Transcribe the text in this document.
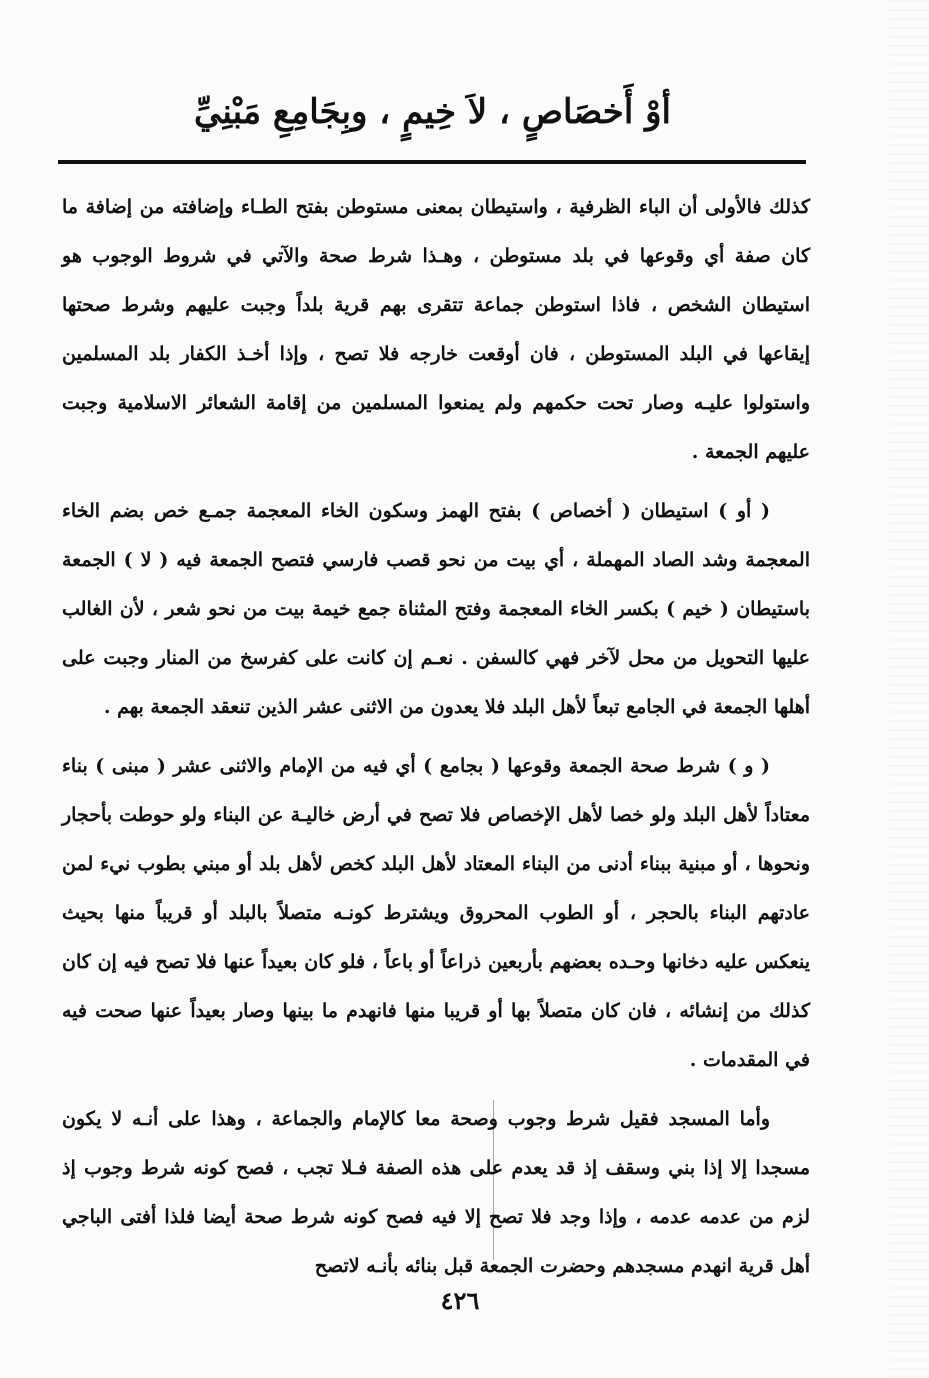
أوْ أَخصَاصٍ ، لاَ خِيمٍ ، وبِجَامِعِ مَبْنِيِّ

كذلك فالأولى أن الباء الظرفية ، واستيطان بمعنى مستوطن بفتح الطـاء وإضافته من إضافة ما كان صفة أي وقوعها في بلد مستوطن ، وهـذا شرط صحة والآتي في شروط الوجوب هو استيطان الشخص ، فاذا استوطن جماعة تتقرى بهم قرية بلداً وجبت عليهم وشرط صحتها إيقاعها في البلد المستوطن ، فان أوقعت خارجه فلا تصح ، وإذا أخـذ الكفار بلد المسلمين واستولوا عليـه وصار تحت حكمهم ولم يمنعوا المسلمين من إقامة الشعائر الاسلامية وجبت عليهم الجمعة .

( أو ) استيطان ( أخصاص ) بفتح الهمز وسكون الخاء المعجمة جمـع خص بضم الخاء المعجمة وشد الصاد المهملة ، أي بيت من نحو قصب فارسي فتصح الجمعة فيه ( لا ) الجمعة باستيطان ( خيم ) بكسر الخاء المعجمة وفتح المثناة جمع خيمة بيت من نحو شعر ، لأن الغالب عليها التحويل من محل لآخر فهي كالسفن . نعـم إن كانت على كفرسخ من المنار وجبت على أهلها الجمعة في الجامع تبعاً لأهل البلد فلا يعدون من الاثنى عشر الذين تنعقد الجمعة بهم .

( و ) شرط صحة الجمعة وقوعها ( بجامع ) أي فيه من الإمام والاثنى عشر ( مبنى ) بناء معتاداً لأهل البلد ولو خصا لأهل الإخصاص فلا تصح في أرض خاليـة عن البناء ولو حوطت بأحجار ونحوها ، أو مبنية ببناء أدنى من البناء المعتاد لأهل البلد كخص لأهل بلد أو مبني بطوب نيء لمن عادتهم البناء بالحجر ، أو الطوب المحروق ويشترط كونـه متصلاً بالبلد أو قريباً منها بحيث ينعكس عليه دخانها وحـده بعضهم بأربعين ذراعاً أو باعاً ، فلو كان بعيداً عنها فلا تصح فيه إن كان كذلك من إنشائه ، فان كان متصلاً بها أو قريبا منها فانهدم ما بينها وصار بعيداً عنها صحت فيه في المقدمات .

وأما المسجد فقيل شرط وجوب وصحة معا كالإمام والجماعة ، وهذا على أنـه لا يكون مسجدا إلا إذا بني وسقف إذ قد يعدم على هذه الصفة فـلا تجب ، فصح كونه شرط وجوب إذ لزم من عدمه عدمه ، وإذا وجد فلا تصح إلا فيه فصح كونه شرط صحة أيضا فلذا أفتى الباجي أهل قرية انهدم مسجدهم وحضرت الجمعة قبل بنائه بأنـه لاتصح

٤٢٦
